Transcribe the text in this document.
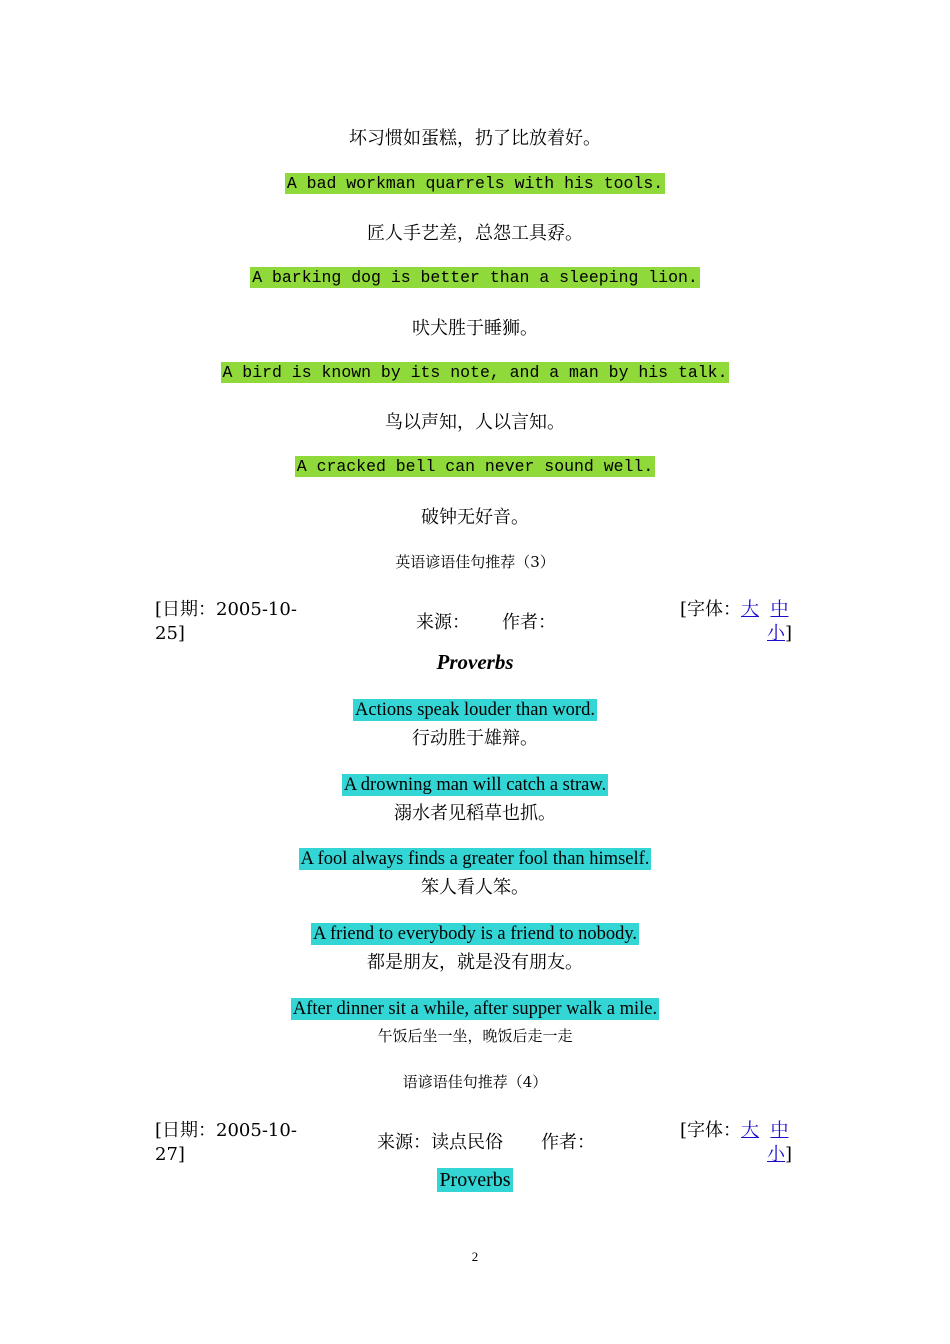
坏习惯如蛋糕，扔了比放着好。
A bad workman quarrels with his tools.
匠人手艺差，总怨工具孬。
A barking dog is better than a sleeping lion.
吠犬胜于睡狮。
A bird is known by its note, and a man by his talk.
鸟以声知，人以言知。
A cracked bell can never sound well.
破钟无好音。
英语谚语佳句推荐（3）
[日期：2005-10-
25]
来源： 作者：
[字体：大 中
小]
Proverbs
Actions speak louder than word.
行动胜于雄辩。
A drowning man will catch a straw.
溺水者见稻草也抓。
A fool always finds a greater fool than himself.
笨人看人笨。
A friend to everybody is a friend to nobody.
都是朋友，就是没有朋友。
After dinner sit a while, after supper walk a mile.
午饭后坐一坐，晚饭后走一走
语谚语佳句推荐（4）
[日期：2005-10-
27]
来源：读点民俗 作者：
[字体：大 中
小]
Proverbs
2
